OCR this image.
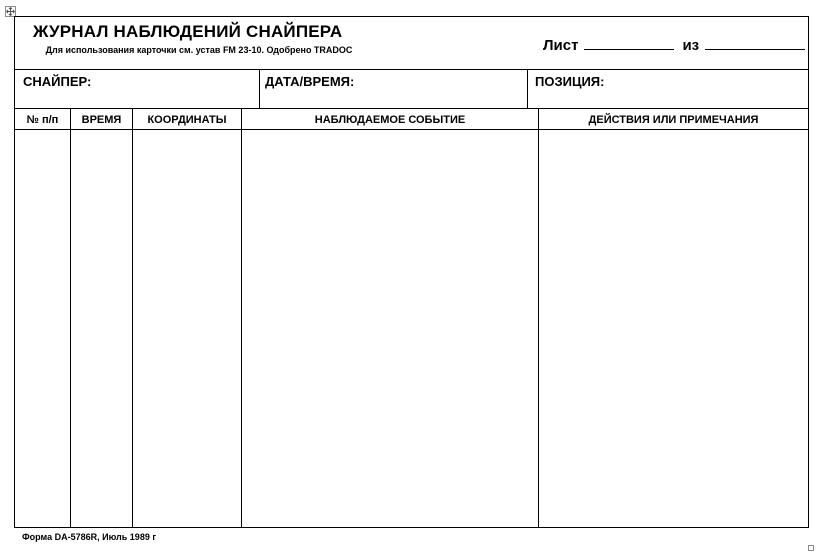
ЖУРНАЛ НАБЛЮДЕНИЙ СНАЙПЕРА
Для использования карточки см. устав FM 23-10. Одобрено TRADOC	Лист	из
СНАЙПЕР:	ДАТА/ВРЕМЯ:	ПОЗИЦИЯ:
№ п/п	ВРЕМЯ	КООРДИНАТЫ	НАБЛЮДАЕМОЕ СОБЫТИЕ	ДЕЙСТВИЯ ИЛИ ПРИМЕЧАНИЯ
Форма DA-5786R, Июль 1989 г
